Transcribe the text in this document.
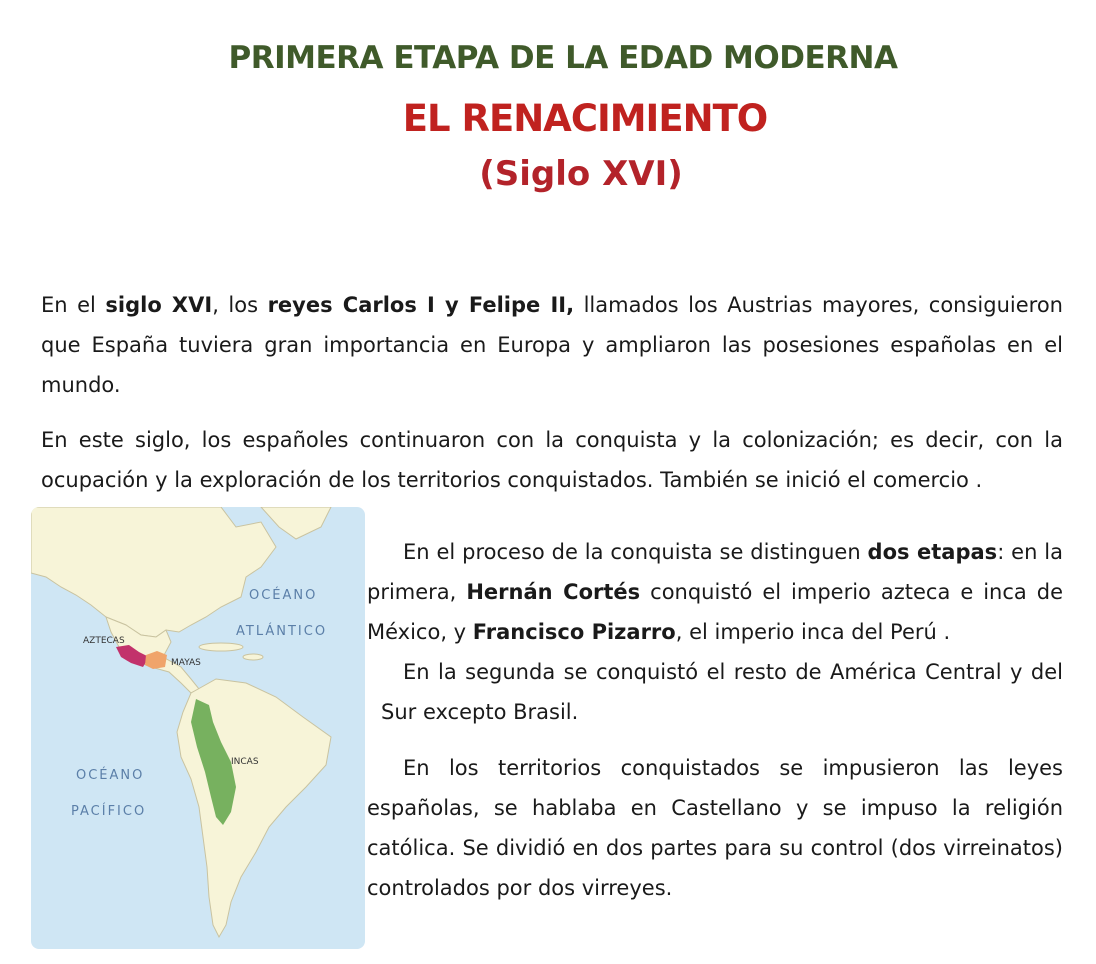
PRIMERA ETAPA DE LA EDAD MODERNA
EL RENACIMIENTO
(Siglo XVI)

En el siglo XVI, los reyes Carlos I y Felipe II, llamados los Austrias mayores, consiguieron que España tuviera gran importancia en Europa y ampliaron las posesiones españolas en el mundo.

En este siglo, los españoles continuaron con la conquista y la colonización; es decir, con la ocupación y la exploración de los territorios conquistados. También se inició el comercio .

OCÉANO
ATLÁNTICO
OCÉANO
PACÍFICO
AZTECAS
MAYAS
INCAS

En el proceso de la conquista se distinguen dos etapas: en la primera, Hernán Cortés conquistó el imperio azteca e inca de México, y Francisco Pizarro, el imperio inca del Perú .
En la segunda se conquistó el resto de América Central y del Sur excepto Brasil.

En los territorios conquistados se impusieron las leyes españolas, se hablaba en Castellano y se impuso la religión católica. Se dividió en dos partes para su control (dos virreinatos) controlados por dos virreyes.
